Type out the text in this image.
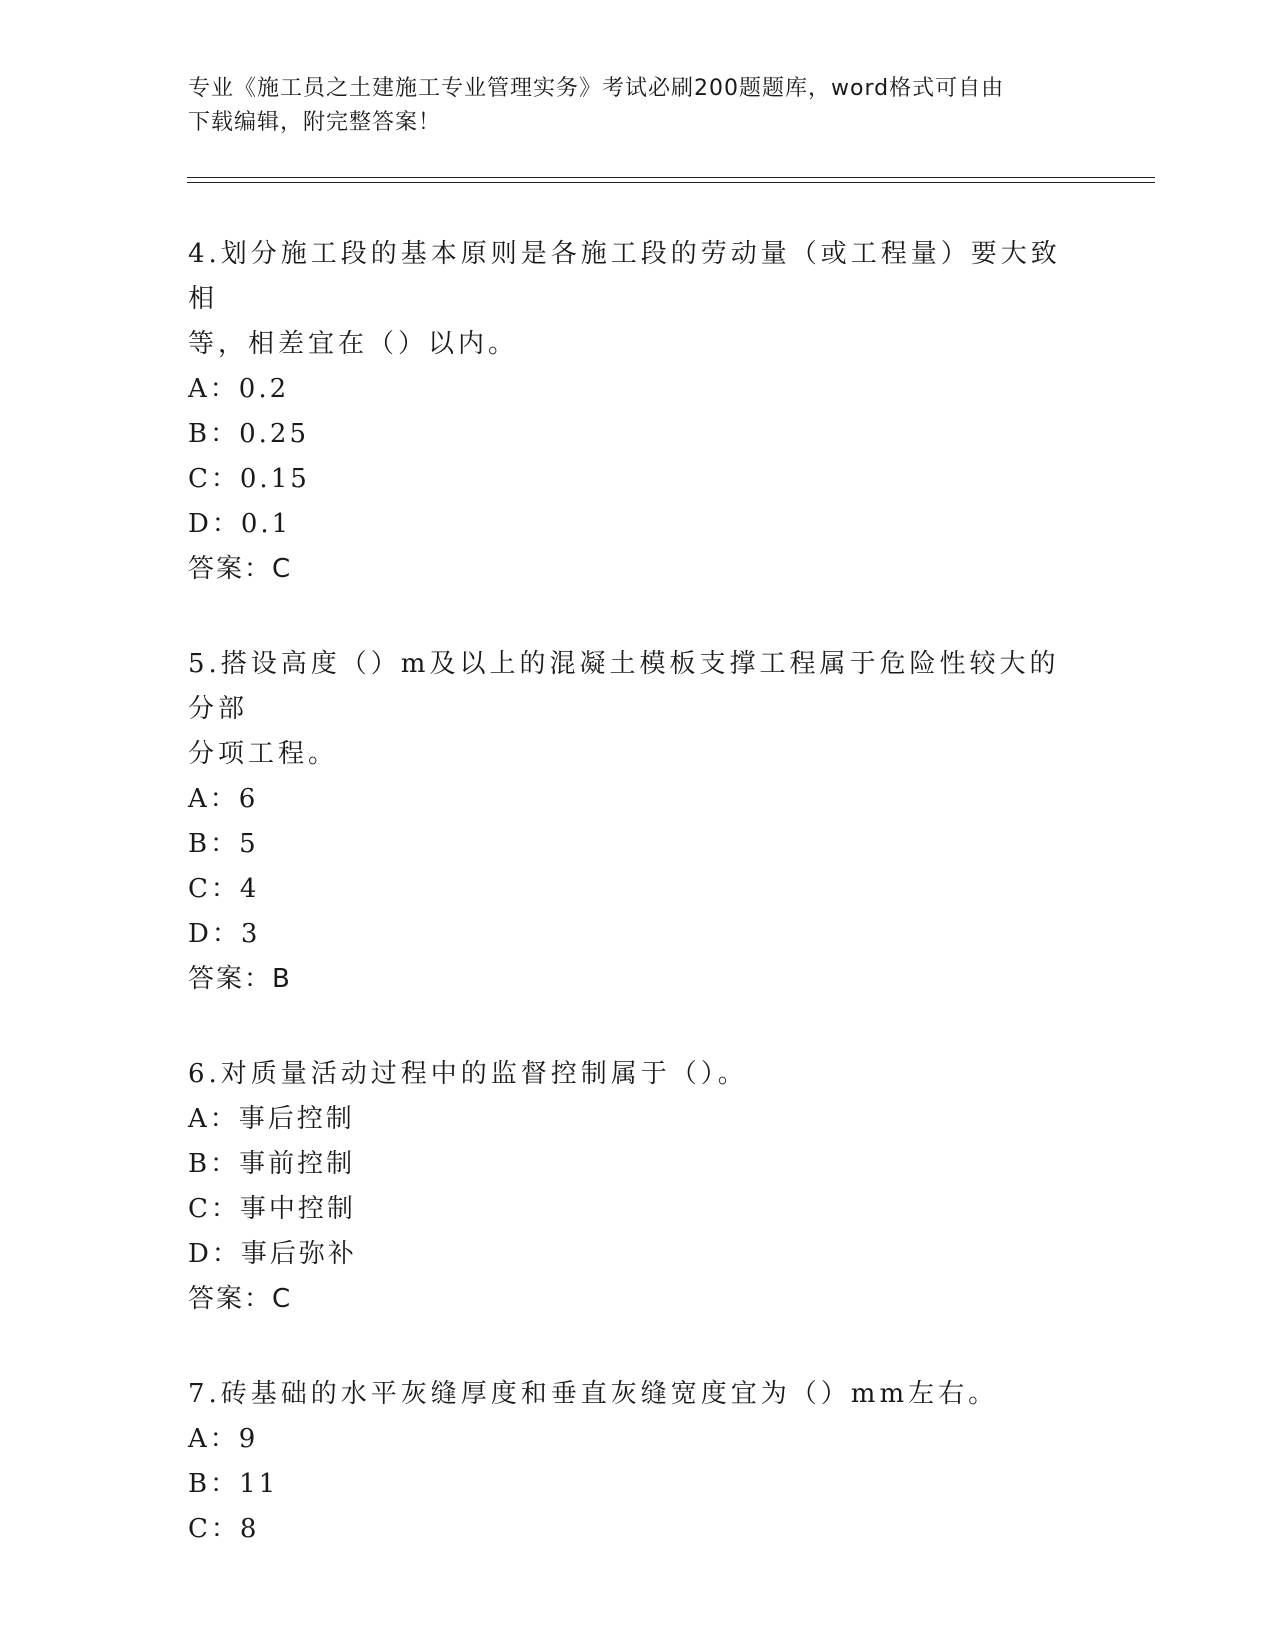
专业《施工员之土建施工专业管理实务》考试必刷200题题库，word格式可自由
下载编辑，附完整答案！
4.划分施工段的基本原则是各施工段的劳动量（或工程量）要大致相
等，相差宜在（）以内。
A：0.2
B：0.25
C：0.15
D：0.1
答案：C
5.搭设高度（）m及以上的混凝土模板支撑工程属于危险性较大的分部
分项工程。
A：6
B：5
C：4
D：3
答案：B
6.对质量活动过程中的监督控制属于（）。
A：事后控制
B：事前控制
C：事中控制
D：事后弥补
答案：C
7.砖基础的水平灰缝厚度和垂直灰缝宽度宜为（）mm左右。
A：9
B：11
C：8
